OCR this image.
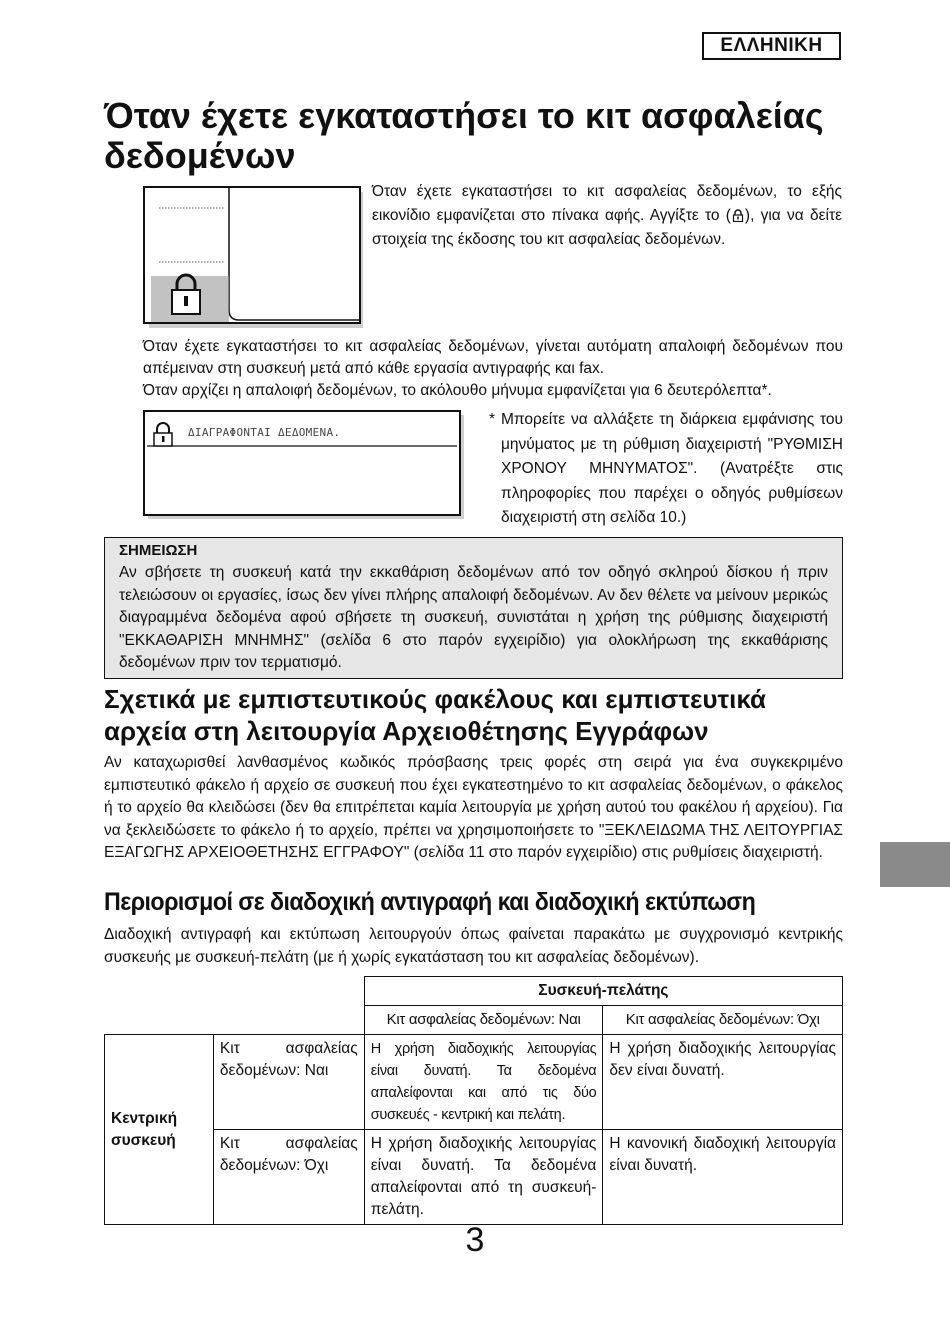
ΕΛΛΗΝΙΚΗ
Όταν έχετε εγκαταστήσει το κιτ ασφαλείας δεδομένων
Όταν έχετε εγκαταστήσει το κιτ ασφαλείας δεδομένων, το εξής εικονίδιο εμφανίζεται στο πίνακα αφής. Αγγίξτε το ( ), για να δείτε στοιχεία της έκδοσης του κιτ ασφαλείας δεδομένων.

Όταν έχετε εγκαταστήσει το κιτ ασφαλείας δεδομένων, γίνεται αυτόματη απαλοιφή δεδομένων που απέμειναν στη συσκευή μετά από κάθε εργασία αντιγραφής και fax.

Όταν αρχίζει η απαλοιφή δεδομένων, το ακόλουθο μήνυμα εμφανίζεται για 6 δευτερόλεπτα*.

ΔΙΑΓΡΑΦΟΝΤΑΙ ΔΕΔΟΜΕΝΑ.
* Μπορείτε να αλλάξετε τη διάρκεια εμφάνισης του μηνύματος με τη ρύθμιση διαχειριστή "ΡΥΘΜΙΣΗ ΧΡΟΝΟΥ ΜΗΝΥΜΑΤΟΣ". (Ανατρέξτε στις πληροφορίες που παρέχει ο οδηγός ρυθμίσεων διαχειριστή στη σελίδα 10.)
ΣΗΜΕΙΩΣΗ
Αν σβήσετε τη συσκευή κατά την εκκαθάριση δεδομένων από τον οδηγό σκληρού δίσκου ή πριν τελειώσουν οι εργασίες, ίσως δεν γίνει πλήρης απαλοιφή δεδομένων. Αν δεν θέλετε να μείνουν μερικώς διαγραμμένα δεδομένα αφού σβήσετε τη συσκευή, συνιστάται η χρήση της ρύθμισης διαχειριστή "ΕΚΚΑΘΑΡΙΣΗ ΜΝΗΜΗΣ" (σελίδα 6 στο παρόν εγχειρίδιο) για ολοκλήρωση της εκκαθάρισης δεδομένων πριν τον τερματισμό.
Σχετικά με εμπιστευτικούς φακέλους και εμπιστευτικά αρχεία στη λειτουργία Αρχειοθέτησης Εγγράφων
Αν καταχωρισθεί λανθασμένος κωδικός πρόσβασης τρεις φορές στη σειρά για ένα συγκεκριμένο εμπιστευτικό φάκελο ή αρχείο σε συσκευή που έχει εγκατεστημένο το κιτ ασφαλείας δεδομένων, ο φάκελος ή το αρχείο θα κλειδώσει (δεν θα επιτρέπεται καμία λειτουργία με χρήση αυτού του φακέλου ή αρχείου). Για να ξεκλειδώσετε το φάκελο ή το αρχείο, πρέπει να χρησιμοποιήσετε το "ΞΕΚΛΕΙΔΩΜΑ ΤΗΣ ΛΕΙΤΟΥΡΓΙΑΣ ΕΞΑΓΩΓΗΣ ΑΡΧΕΙΟΘΕΤΗΣΗΣ ΕΓΓΡΑΦΟΥ" (σελίδα 11 στο παρόν εγχειρίδιο) στις ρυθμίσεις διαχειριστή.
Περιορισμοί σε διαδοχική αντιγραφή και διαδοχική εκτύπωση
Διαδοχική αντιγραφή και εκτύπωση λειτουργούν όπως φαίνεται παρακάτω με συγχρονισμό κεντρικής συσκευής με συσκευή-πελάτη (με ή χωρίς εγκατάσταση του κιτ ασφαλείας δεδομένων).
		Συσκευή-πελάτης	
		Κιτ ασφαλείας δεδομένων: Ναι	Κιτ ασφαλείας δεδομένων: Όχι
Κεντρική συσκευή	Κιτ ασφαλείας δεδομένων: Ναι	Η χρήση διαδοχικής λειτουργίας είναι δυνατή. Τα δεδομένα απαλείφονται και από τις δύο συσκευές - κεντρική και πελάτη.	Η χρήση διαδοχικής λειτουργίας δεν είναι δυνατή.
	Κιτ ασφαλείας δεδομένων: Όχι	Η χρήση διαδοχικής λειτουργίας είναι δυνατή. Τα δεδομένα απαλείφονται από τη συσκευή-πελάτη.	Η κανονική διαδοχική λειτουργία είναι δυνατή.
3
